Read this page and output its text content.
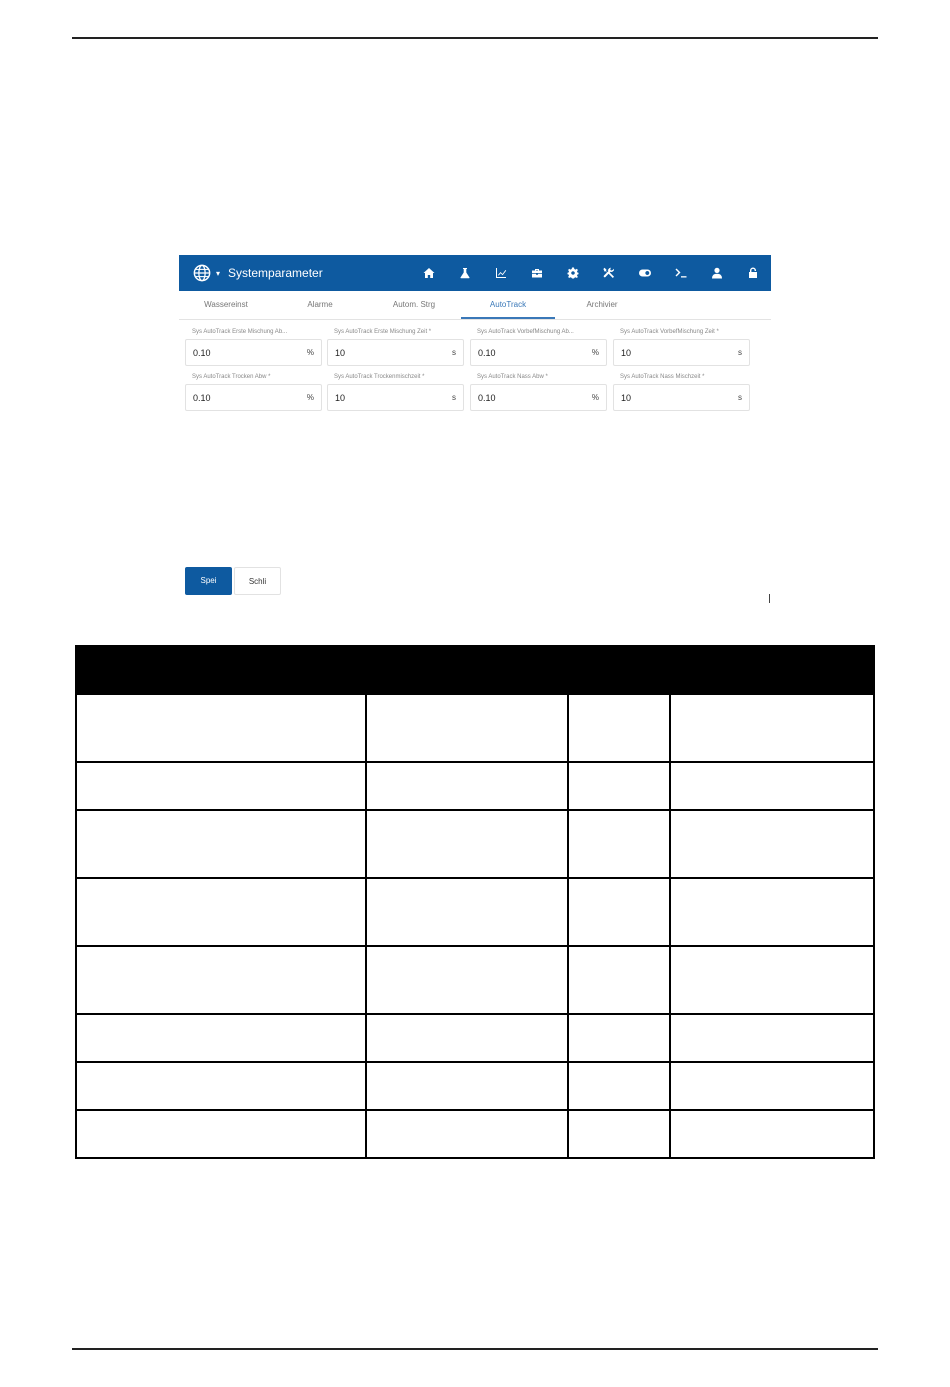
▾ Systemparameter
Wassereinst	Alarme	Autom. Strg	AutoTrack	Archivier
Sys AutoTrack Erste Mischung Ab...
0.10	%
Sys AutoTrack Erste Mischung Zeit *
10	s
Sys AutoTrack VorbefMischung Ab...
0.10	%
Sys AutoTrack VorbefMischung Zeit *
10	s
Sys AutoTrack Trocken Abw *
0.10	%
Sys AutoTrack Trockenmischzeit *
10	s
Sys AutoTrack Nass Abw *
0.10	%
Sys AutoTrack Nass Mischzeit *
10	s
Spei	Schli
